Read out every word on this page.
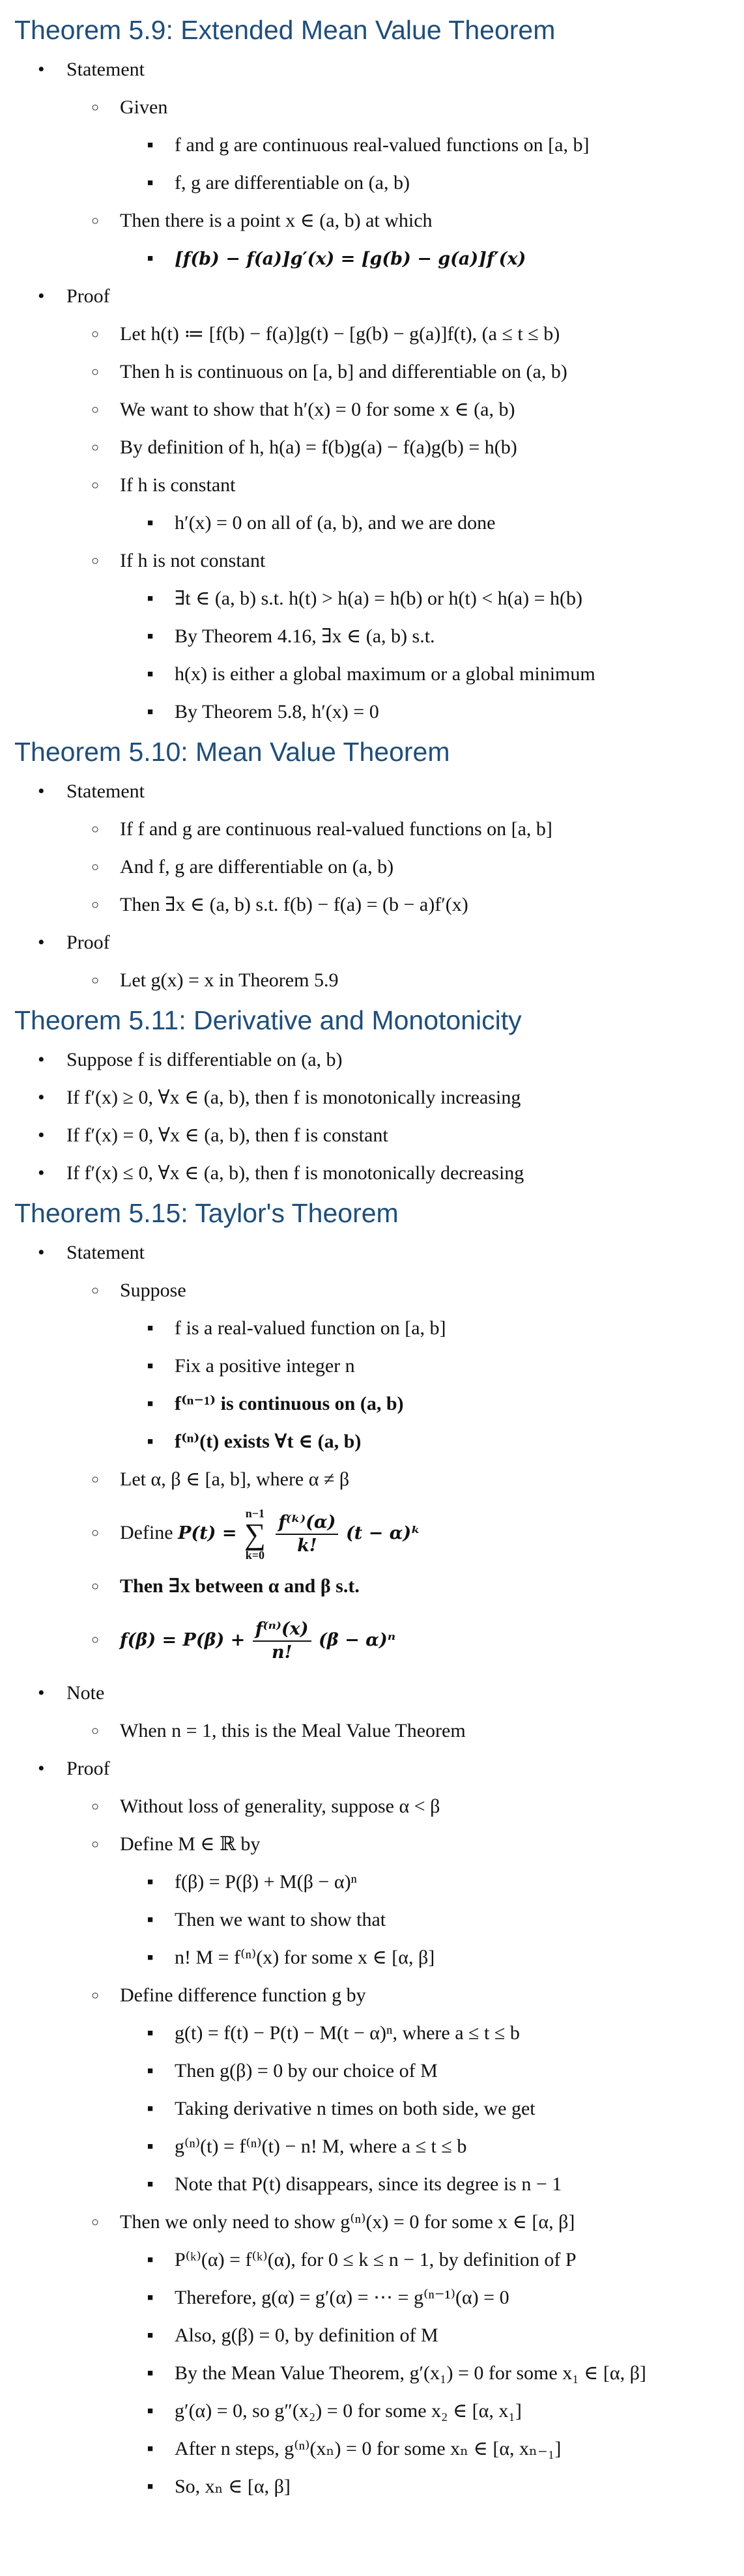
Theorem 5.9: Extended Mean Value Theorem
• Statement
○ Given
■ f and g are continuous real-valued functions on [a, b]
■ f, g are differentiable on (a, b)
○ Then there is a point x ∈ (a, b) at which
■ [f(b) − f(a)]g′(x) = [g(b) − g(a)]f′(x)
• Proof
○ Let h(t) ≔ [f(b) − f(a)]g(t) − [g(b) − g(a)]f(t), (a ≤ t ≤ b)
○ Then h is continuous on [a, b] and differentiable on (a, b)
○ We want to show that h′(x) = 0 for some x ∈ (a, b)
○ By definition of h, h(a) = f(b)g(a) − f(a)g(b) = h(b)
○ If h is constant
■ h′(x) = 0 on all of (a, b), and we are done
○ If h is not constant
■ ∃t ∈ (a, b) s.t. h(t) > h(a) = h(b) or h(t) < h(a) = h(b)
■ By Theorem 4.16, ∃x ∈ (a, b) s.t.
■ h(x) is either a global maximum or a global minimum
■ By Theorem 5.8, h′(x) = 0
Theorem 5.10: Mean Value Theorem
• Statement
○ If f and g are continuous real-valued functions on [a, b]
○ And f, g are differentiable on (a, b)
○ Then ∃x ∈ (a, b) s.t. f(b) − f(a) = (b − a)f′(x)
• Proof
○ Let g(x) = x in Theorem 5.9
Theorem 5.11: Derivative and Monotonicity
• Suppose f is differentiable on (a, b)
• If f′(x) ≥ 0, ∀x ∈ (a, b), then f is monotonically increasing
• If f′(x) = 0, ∀x ∈ (a, b), then f is constant
• If f′(x) ≤ 0, ∀x ∈ (a, b), then f is monotonically decreasing
Theorem 5.15: Taylor's Theorem
• Statement
○ Suppose
■ f is a real-valued function on [a, b]
■ Fix a positive integer n
■ f⁽ⁿ⁻¹⁾ is continuous on (a, b)
■ f⁽ⁿ⁾(t) exists ∀t ∈ (a, b)
○ Let α, β ∈ [a, b], where α ≠ β
○ Define P(t) =
n−1
∑
k=0
$\frac{\text{f⁽ᵏ⁾(α)}}{k!} (t$ − α)ᵏ
○ Then ∃x between α and β s.t.
○ $f(\beta) = P(\beta) + \frac{\text{f⁽ⁿ⁾(x)}}{n!} (\beta - \alpha)^n$
• Note
○ When n = 1, this is the Meal Value Theorem
• Proof
○ Without loss of generality, suppose α < β
○ Define M ∈ ℝ by
■ f(β) = P(β) + M(β − α)ⁿ
■ Then we want to show that
■ n! M = f⁽ⁿ⁾(x) for some x ∈ [α, β]
○ Define difference function g by
■ g(t) = f(t) − P(t) − M(t − α)ⁿ, where a ≤ t ≤ b
■ Then g(β) = 0 by our choice of M
■ Taking derivative n times on both side, we get
■ g⁽ⁿ⁾(t) = f⁽ⁿ⁾(t) − n! M, where a ≤ t ≤ b
■ Note that P(t) disappears, since its degree is n − 1
○ Then we only need to show g⁽ⁿ⁾(x) = 0 for some x ∈ [α, β]
■ P⁽ᵏ⁾(α) = f⁽ᵏ⁾(α), for 0 ≤ k ≤ n − 1, by definition of P
■ Therefore, g(α) = g′(α) = ⋯ = g⁽ⁿ⁻¹⁾(α) = 0
■ Also, g(β) = 0, by definition of M
■ By the Mean Value Theorem, g′(x₁) = 0 for some x₁ ∈ [α, β]
■ g′(α) = 0, so g″(x₂) = 0 for some x₂ ∈ [α, x₁]
■ After n steps, g⁽ⁿ⁾(xₙ) = 0 for some xₙ ∈ [α, xₙ₋₁]
■ So, xₙ ∈ [α, β]
